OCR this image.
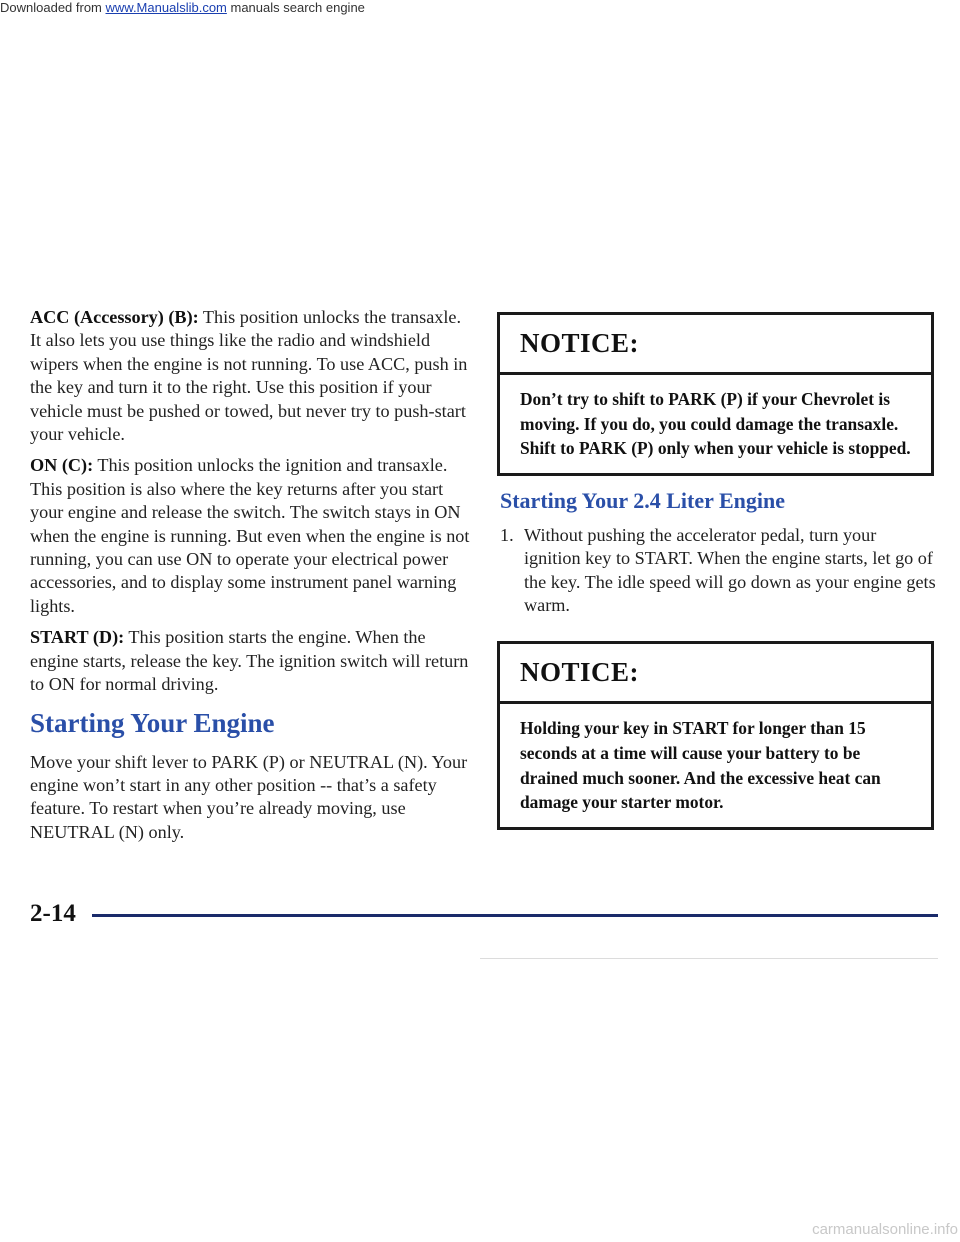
Downloaded from www.Manualslib.com manuals search engine

ACC (Accessory) (B): This position unlocks the transaxle. It also lets you use things like the radio and windshield wipers when the engine is not running. To use ACC, push in the key and turn it to the right. Use this position if your vehicle must be pushed or towed, but never try to push-start your vehicle.

ON (C): This position unlocks the ignition and transaxle. This position is also where the key returns after you start your engine and release the switch. The switch stays in ON when the engine is running. But even when the engine is not running, you can use ON to operate your electrical power accessories, and to display some instrument panel warning lights.

START (D): This position starts the engine. When the engine starts, release the key. The ignition switch will return to ON for normal driving.

Starting Your Engine

Move your shift lever to PARK (P) or NEUTRAL (N). Your engine won’t start in any other position -- that’s a safety feature. To restart when you’re already moving, use NEUTRAL (N) only.

NOTICE:
Don’t try to shift to PARK (P) if your Chevrolet is moving. If you do, you could damage the transaxle. Shift to PARK (P) only when your vehicle is stopped.
Starting Your 2.4 Liter Engine
1. Without pushing the accelerator pedal, turn your ignition key to START. When the engine starts, let go of the key. The idle speed will go down as your engine gets warm.
NOTICE:
Holding your key in START for longer than 15 seconds at a time will cause your battery to be drained much sooner. And the excessive heat can damage your starter motor.
2-14
carmanualsonline.info
